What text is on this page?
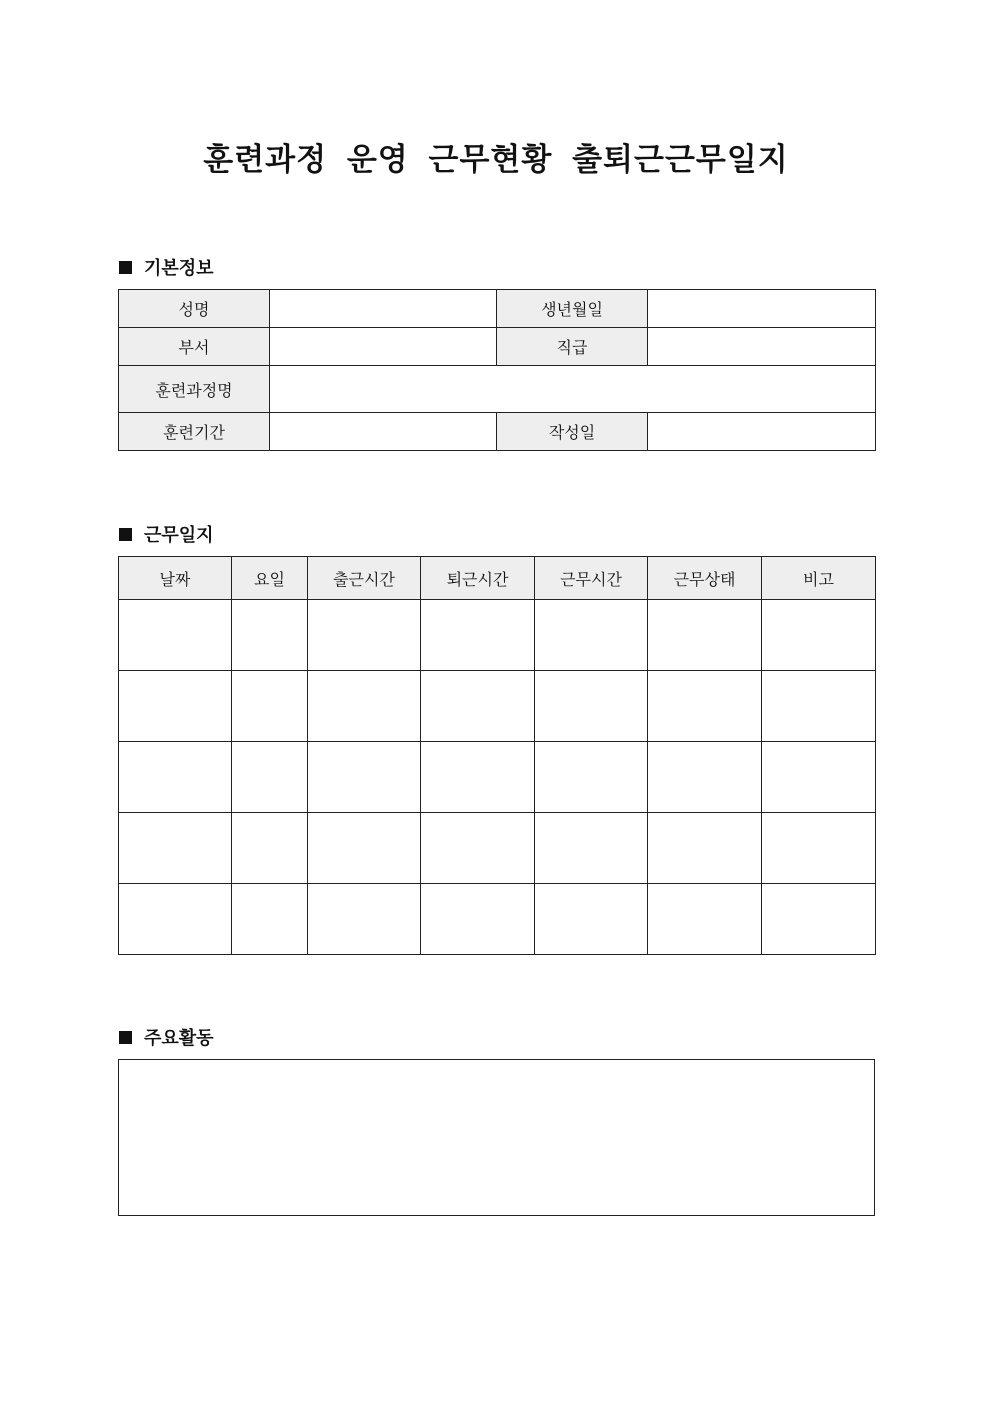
훈련과정 운영 근무현황 출퇴근근무일지
기본정보
성명		생년월일	
부서		직급	
훈련과정명			
훈련기간		작성일	
근무일지
날짜	요일	출근시간	퇴근시간	근무시간	근무상태	비고

주요활동
